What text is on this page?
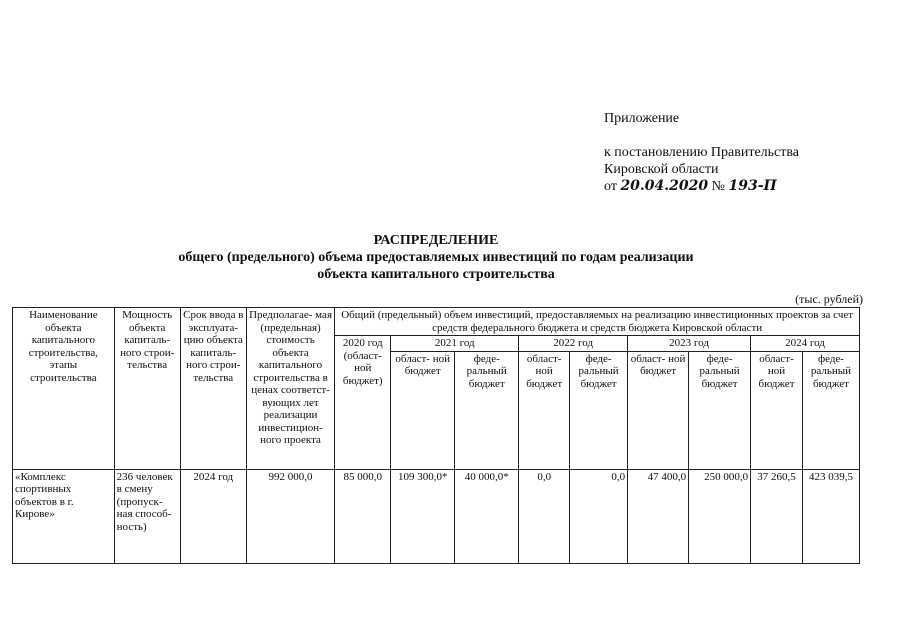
Приложение
к постановлению Правительства
Кировской области
от 20.04.2020 № 193-П
РАСПРЕДЕЛЕНИЕ
общего (предельного) объема предоставляемых инвестиций по годам реализации
объекта капитального строительства
(тыс. рублей)
Наименование объекта капитального строительства, этапы строительства	Мощность объекта капиталь- ного строи- тельства	Срок ввода в эксплуата- цию объекта капиталь- ного строи- тельства	Предполагае- мая (предельная) стоимость объекта капитального строительства в ценах соответст- вующих лет реализации инвестицион- ного проекта	Общий (предельный) объем инвестиций, предоставляемых на реализацию инвестиционных проектов за счет средств федерального бюджета и средств бюджета Кировской области								
				2020 год (област- ной бюджет)	2021 год		2022 год		2023 год		2024 год	
					област- ной бюджет	феде- ральный бюджет	област- ной бюджет	феде- ральный бюджет	област- ной бюджет	феде- ральный бюджет	област- ной бюджет	феде- ральный бюджет
«Комплекс спортивных объектов в г. Кирове»	236 человек в смену (пропуск- ная способ- ность)	2024 год	992 000,0	85 000,0	109 300,0*	40 000,0*	0,0	0,0	47 400,0	250 000,0	37 260,5	423 039,5
